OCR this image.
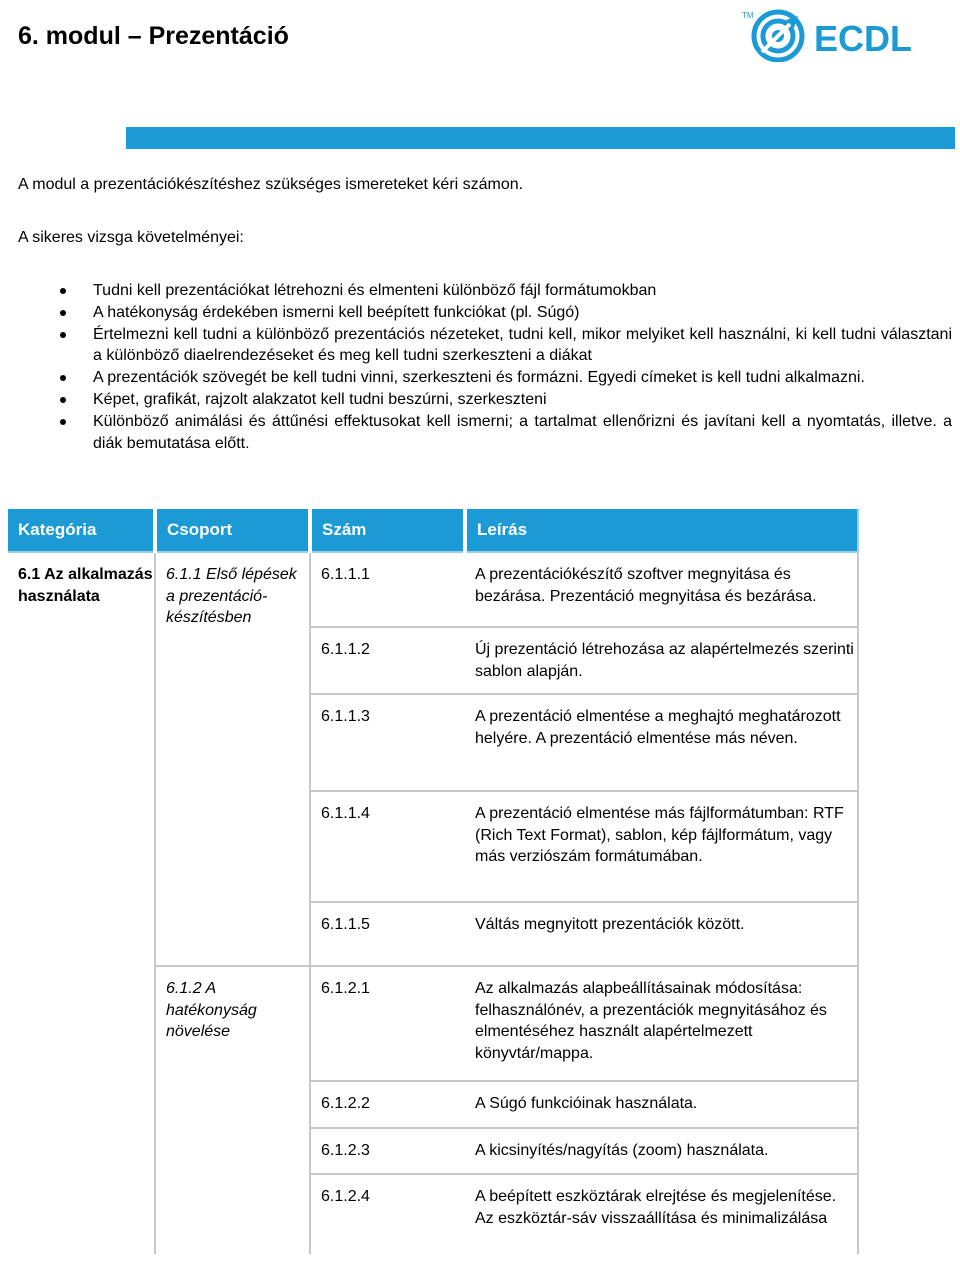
6. modul – Prezentáció
TM
ECDL

A modul a prezentációkészítéshez szükséges ismereteket kéri számon.

A sikeres vizsga követelményei:

Tudni kell prezentációkat létrehozni és elmenteni különböző fájl formátumokban
A hatékonyság érdekében ismerni kell beépített funkciókat (pl. Súgó)
Értelmezni kell tudni a különböző prezentációs nézeteket, tudni kell, mikor melyiket kell használni, ki kell tudni választani a különböző diaelrendezéseket és meg kell tudni szerkeszteni a diákat
A prezentációk szövegét be kell tudni vinni, szerkeszteni és formázni. Egyedi címeket is kell tudni alkalmazni.
Képet, grafikát, rajzolt alakzatot kell tudni beszúrni, szerkeszteni
Különböző animálási és áttűnési effektusokat kell ismerni; a tartalmat ellenőrizni és javítani kell a nyomtatás, illetve. a diák bemutatása előtt.
Kategória	Csoport	Szám	Leírás
6.1 Az alkalmazás használata	6.1.1 Első lépések a prezentáció-készítésben	6.1.1.1	A prezentációkészítő szoftver megnyitása és bezárása. Prezentáció megnyitása és bezárása.
		6.1.1.2	Új prezentáció létrehozása az alapértelmezés szerinti sablon alapján.
		6.1.1.3	A prezentáció elmentése a meghajtó meghatározott helyére. A prezentáció elmentése más néven.
		6.1.1.4	A prezentáció elmentése más fájlformátumban: RTF (Rich Text Format), sablon, kép fájlformátum, vagy más verziószám formátumában.
		6.1.1.5	Váltás megnyitott prezentációk között.
	6.1.2 A hatékonyság növelése	6.1.2.1	Az alkalmazás alapbeállításainak módosítása: felhasználónév, a prezentációk megnyitásához és elmentéséhez használt alapértelmezett könyvtár/mappa.
		6.1.2.2	A Súgó funkcióinak használata.
		6.1.2.3	A kicsinyítés/nagyítás (zoom) használata.
		6.1.2.4	A beépített eszköztárak elrejtése és megjelenítése. Az eszköztár-sáv visszaállítása és minimalizálása
